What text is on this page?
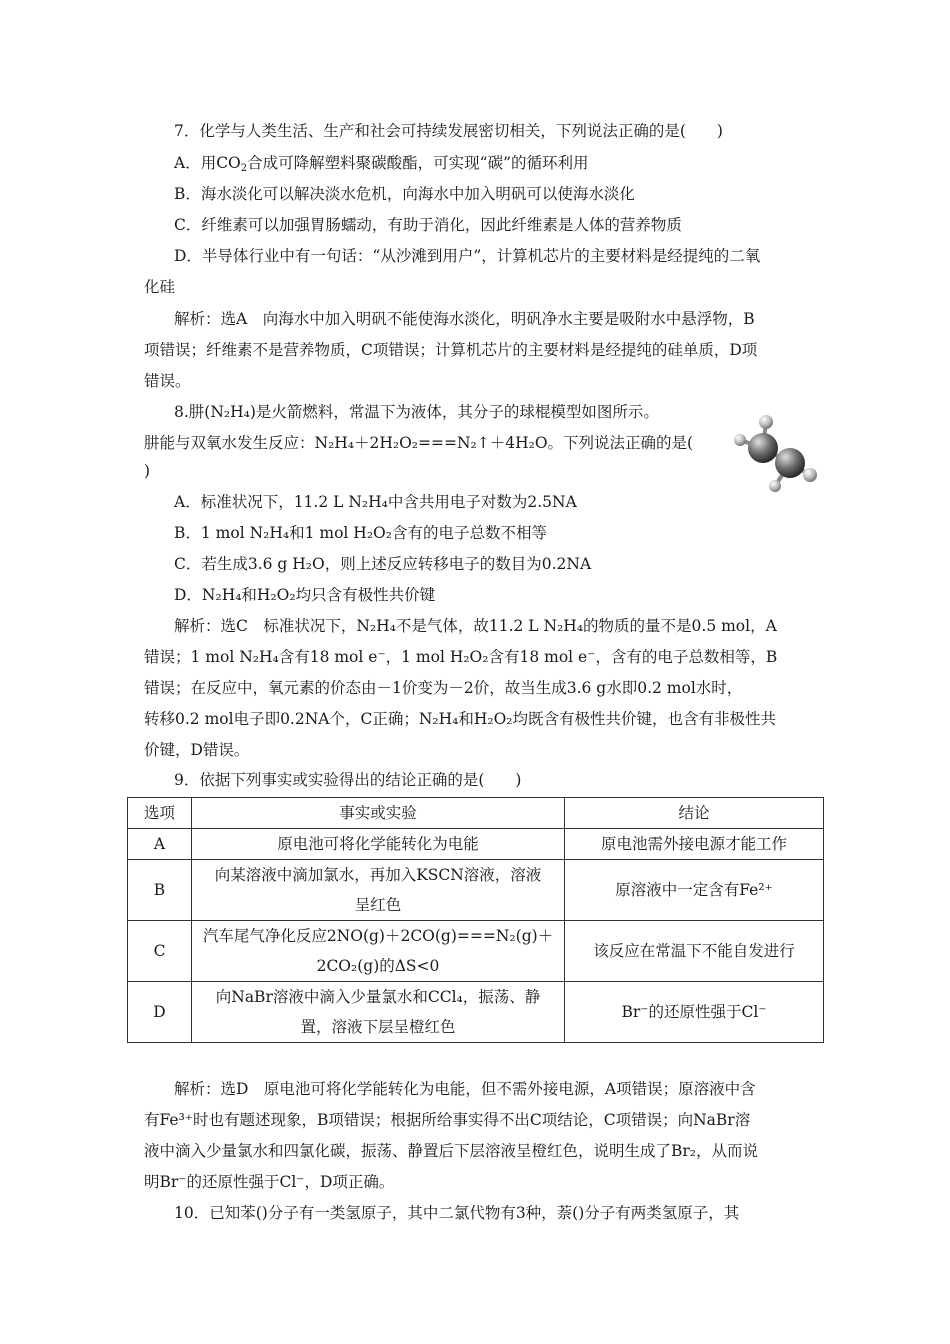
7．化学与人类生活、生产和社会可持续发展密切相关，下列说法正确的是(　　)
A．用$CO_2$合成可降解塑料聚碳酸酯，可实现“碳”的循环利用
B．海水淡化可以解决淡水危机，向海水中加入明矾可以使海水淡化
C．纤维素可以加强胃肠蠕动，有助于消化，因此纤维素是人体的营养物质
D．半导体行业中有一句话：“从沙滩到用户”，计算机芯片的主要材料是经提纯的二氧
化硅
解析：选A　向海水中加入明矾不能使海水淡化，明矾净水主要是吸附水中悬浮物，B
项错误；纤维素不是营养物质，C项错误；计算机芯片的主要材料是经提纯的硅单质，D项
错误。
8.肼(N₂H₄)是火箭燃料，常温下为液体，其分子的球棍模型如图所示。
肼能与双氧水发生反应：N₂H₄＋2H₂O₂===N₂↑＋4H₂O。下列说法正确的是(
)
A．标准状况下，11.2 L N₂H₄中含共用电子对数为2.5NA
B．1 mol N₂H₄和1 mol H₂O₂含有的电子总数不相等
C．若生成3.6 g H₂O，则上述反应转移电子的数目为0.2NA
D．N₂H₄和H₂O₂均只含有极性共价键
解析：选C　标准状况下，N₂H₄不是气体，故11.2 L N₂H₄的物质的量不是0.5 mol，A
错误；1 mol N₂H₄含有18 mol e⁻，1 mol H₂O₂含有18 mol e⁻，含有的电子总数相等，B
错误；在反应中，氧元素的价态由－1价变为－2价，故当生成3.6 g水即0.2 mol水时，
转移0.2 mol电子即0.2NA个，C正确；N₂H₄和H₂O₂均既含有极性共价键，也含有非极性共
价键，D错误。
9．依据下列事实或实验得出的结论正确的是(　　)
选项	事实或实验	结论
A	原电池可将化学能转化为电能	原电池需外接电源才能工作
B	向某溶液中滴加氯水，再加入KSCN溶液，溶液
呈红色	原溶液中一定含有Fe²⁺
C	汽车尾气净化反应2NO(g)＋2CO(g)===N₂(g)＋
2CO₂(g)的ΔS<0	该反应在常温下不能自发进行
D	向NaBr溶液中滴入少量氯水和CCl₄，振荡、静
置，溶液下层呈橙红色	Br⁻的还原性强于Cl⁻
解析：选D　原电池可将化学能转化为电能，但不需外接电源，A项错误；原溶液中含
有Fe³⁺时也有题述现象，B项错误；根据所给事实得不出C项结论，C项错误；向NaBr溶
液中滴入少量氯水和四氯化碳，振荡、静置后下层溶液呈橙红色，说明生成了Br₂，从而说
明Br⁻的还原性强于Cl⁻，D项正确。
10．已知苯()分子有一类氢原子，其中二氯代物有3种，萘()分子有两类氢原子，其
